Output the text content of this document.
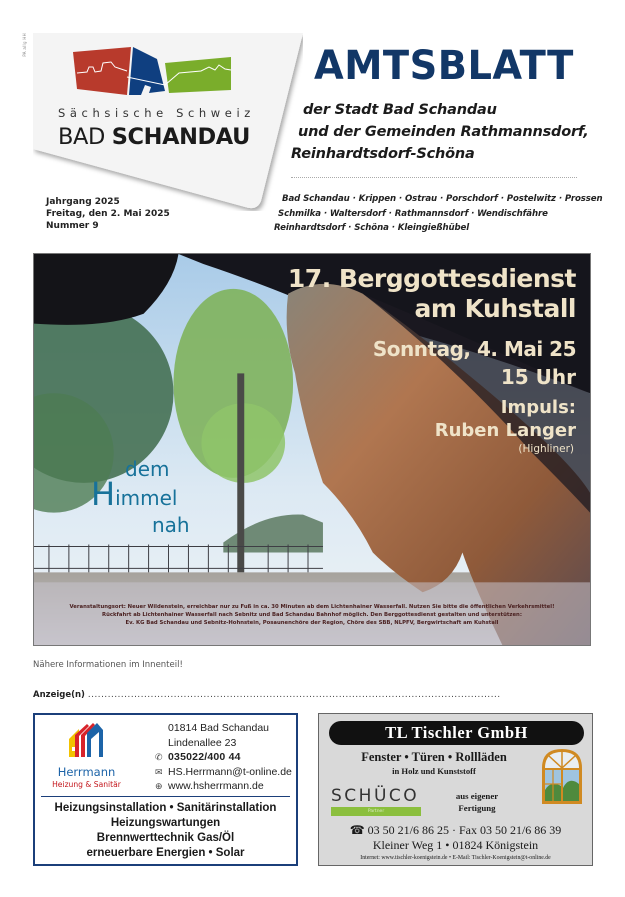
PA allg HH
Sächsische Schweiz
BAD SCHANDAU
Jahrgang 2025
Freitag, den 2. Mai 2025
Nummer 9
AMTSBLATT
der Stadt Bad Schandau
und der Gemeinden Rathmannsdorf,
Reinhardtsdorf-Schöna
Bad Schandau · Krippen · Ostrau · Porschdorf · Postelwitz · Prossen
Schmilka · Waltersdorf · Rathmannsdorf · Wendischfähre
Reinhardtsdorf · Schöna · Kleingießhübel
17. Berggottesdienst
am Kuhstall
Sonntag, 4. Mai 25
15 Uhr
Impuls:
Ruben Langer
(Highliner)
dem
Himmel
nah
Veranstaltungsort: Neuer Wildenstein, erreichbar nur zu Fuß in ca. 30 Minuten ab dem Lichtenhainer Wasserfall. Nutzen Sie bitte die öffentlichen Verkehrsmittel!
Rückfahrt ab Lichtenhainer Wasserfall nach Sebnitz und Bad Schandau Bahnhof möglich. Den Berggottesdienst gestalten und unterstützen:
Ev. KG Bad Schandau und Sebnitz-Hohnstein, Posaunenchöre der Region, Chöre des SBB, NLPFV, Bergwirtschaft am Kuhstall
Nähere Informationen im Innenteil!
Anzeige(n) .............................................................................................................................
Herrmann
Heizung & Sanitär
01814 Bad Schandau
Lindenallee 23
✆ 035022/400 44
✉ HS.Herrmann@t-online.de
⊕ www.hsherrmann.de
Heizungsinstallation • Sanitärinstallation
Heizungswartungen
Brennwerttechnik Gas/Öl
erneuerbare Energien • Solar
TL Tischler GmbH
Fenster • Türen • Rollläden
in Holz und Kunststoff
SCHÜCO
Partner
aus eigener
Fertigung
☎ 03 50 21/6 86 25 · Fax 03 50 21/6 86 39
Kleiner Weg 1 • 01824 Königstein
Internet: www.tischler-koenigstein.de • E-Mail: Tischler-Koenigstein@t-online.de
